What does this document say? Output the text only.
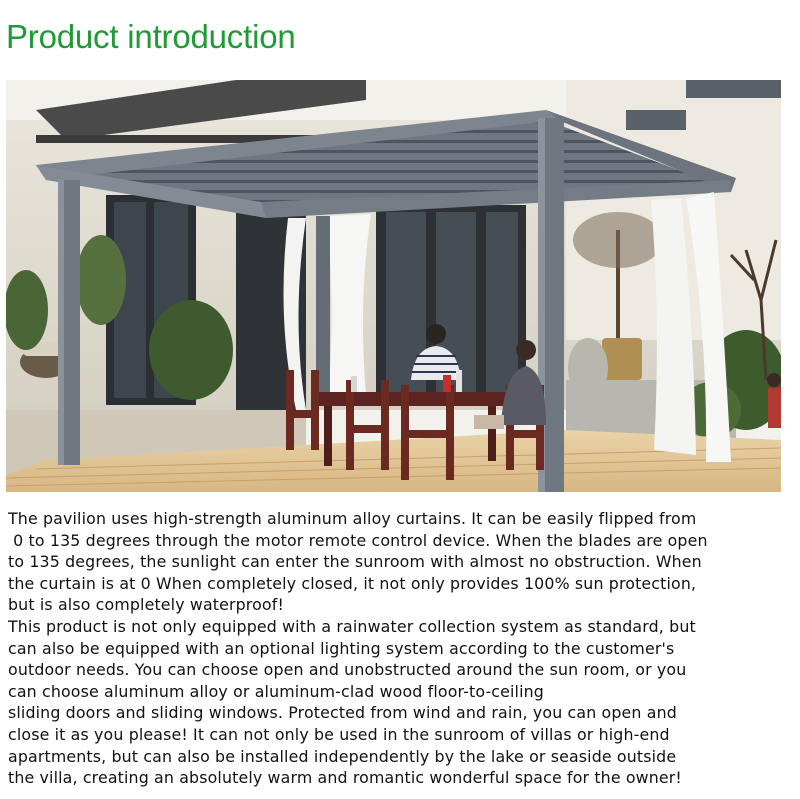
Product introduction
The pavilion uses high-strength aluminum alloy curtains. It can be easily flipped from
0 to 135 degrees through the motor remote control device. When the blades are open
to 135 degrees, the sunlight can enter the sunroom with almost no obstruction. When
the curtain is at 0 When completely closed, it not only provides 100% sun protection,
but is also completely waterproof!
This product is not only equipped with a rainwater collection system as standard, but
can also be equipped with an optional lighting system according to the customer's
outdoor needs. You can choose open and unobstructed around the sun room, or you
can choose aluminum alloy or aluminum-clad wood floor-to-ceiling
sliding doors and sliding windows. Protected from wind and rain, you can open and
close it as you please! It can not only be used in the sunroom of villas or high-end
apartments, but can also be installed independently by the lake or seaside outside
the villa, creating an absolutely warm and romantic wonderful space for the owner!
